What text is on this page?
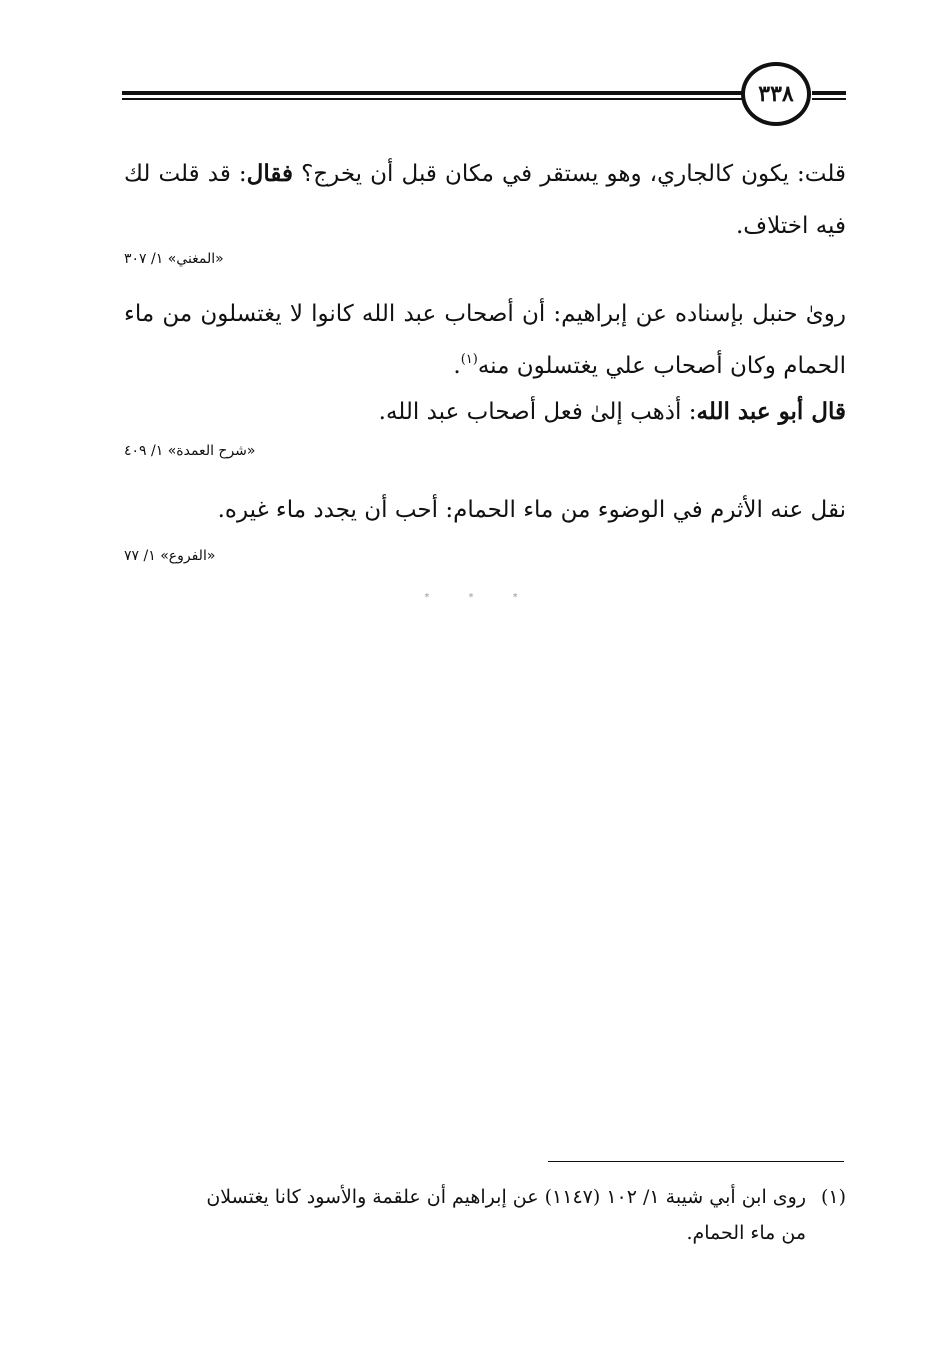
٣٣٨
قلت: يكون كالجاري، وهو يستقر في مكان قبل أن يخرج؟ فقال: قد قلت لك فيه اختلاف.
«المغني» ١/ ٣٠٧
روىٰ حنبل بإسناده عن إبراهيم: أن أصحاب عبد الله كانوا لا يغتسلون من ماء الحمام وكان أصحاب علي يغتسلون منه$^{(١)}$.
قال أبو عبد الله: أذهب إلىٰ فعل أصحاب عبد الله.
«شرح العمدة» ١/ ٤٠٩
نقل عنه الأثرم في الوضوء من ماء الحمام: أحب أن يجدد ماء غيره.
«الفروع» ١/ ٧٧
* * *
(١)روى ابن أبي شيبة ١/ ١٠٢ (١١٤٧) عن إبراهيم أن علقمة والأسود كانا يغتسلان
من ماء الحمام.
